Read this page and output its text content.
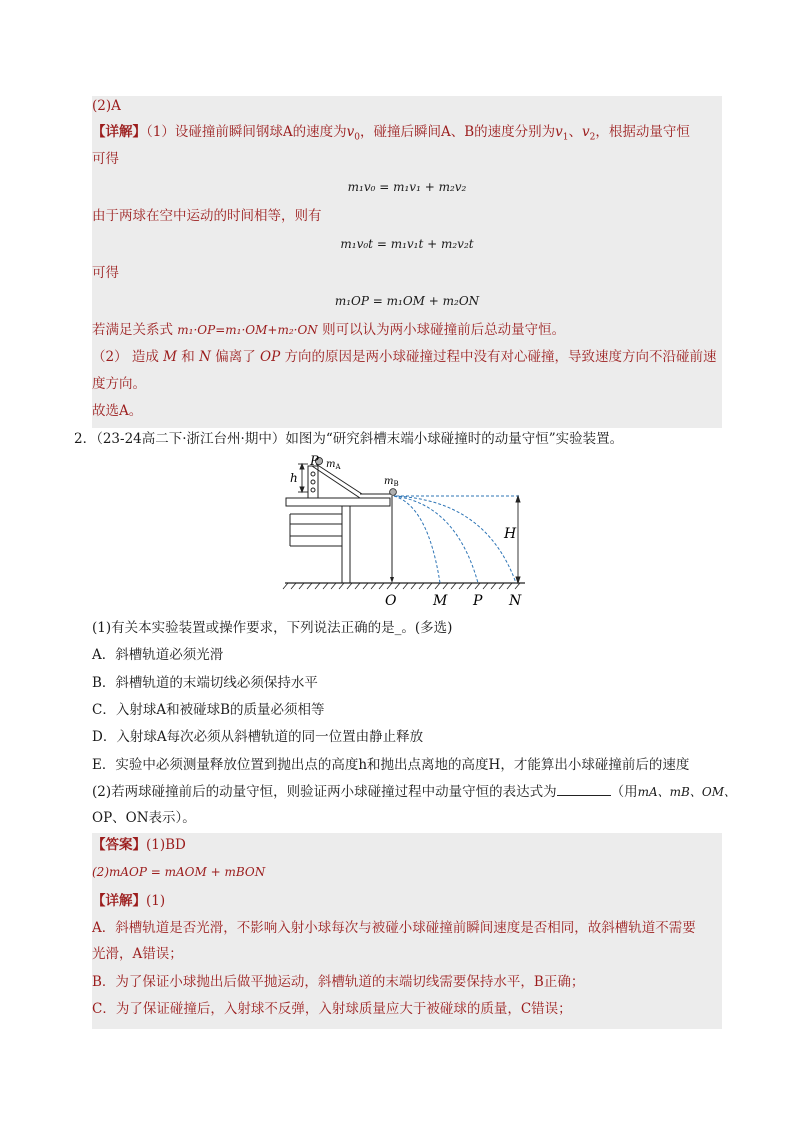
(2)A
【详解】（1）设碰撞前瞬间钢球A的速度为$v_0$，碰撞后瞬间A、B的速度分别为$v_1$、$v_2$，根据动量守恒
可得
m₁v₀ = m₁v₁ + m₂v₂
由于两球在空中运动的时间相等，则有
m₁v₀t = m₁v₁t + m₂v₂t
可得
m₁OP = m₁OM + m₂ON
若满足关系式 m₁·OP=m₁·OM+m₂·ON 则可以认为两小球碰撞前后总动量守恒。
（2） 造成 M 和 N 偏离了 OP 方向的原因是两小球碰撞过程中没有对心碰撞，导致速度方向不沿碰前速
度方向。
故选A。
2．（23-24高二下·浙江台州·期中）如图为“研究斜槽末端小球碰撞时的动量守恒”实验装置。
P $m_A$
h	$m_B$
H
O	M P N
(1)有关本实验装置或操作要求，下列说法正确的是_。(多选)
A．斜槽轨道必须光滑
B．斜槽轨道的末端切线必须保持水平
C．入射球A和被碰球B的质量必须相等
D．入射球A每次必须从斜槽轨道的同一位置由静止释放
E．实验中必须测量释放位置到抛出点的高度h和抛出点离地的高度H，才能算出小球碰撞前后的速度
(2)若两球碰撞前后的动量守恒，则验证两小球碰撞过程中动量守恒的表达式为	（用mA、mB、OM、
OP、ON表示）。
【答案】(1)BD
(2)mAOP = mAOM + mBON
【详解】(1)
A．斜槽轨道是否光滑，不影响入射小球每次与被碰小球碰撞前瞬间速度是否相同，故斜槽轨道不需要
光滑，A错误；
B．为了保证小球抛出后做平抛运动，斜槽轨道的末端切线需要保持水平，B正确；
C．为了保证碰撞后，入射球不反弹，入射球质量应大于被碰球的质量，C错误；
